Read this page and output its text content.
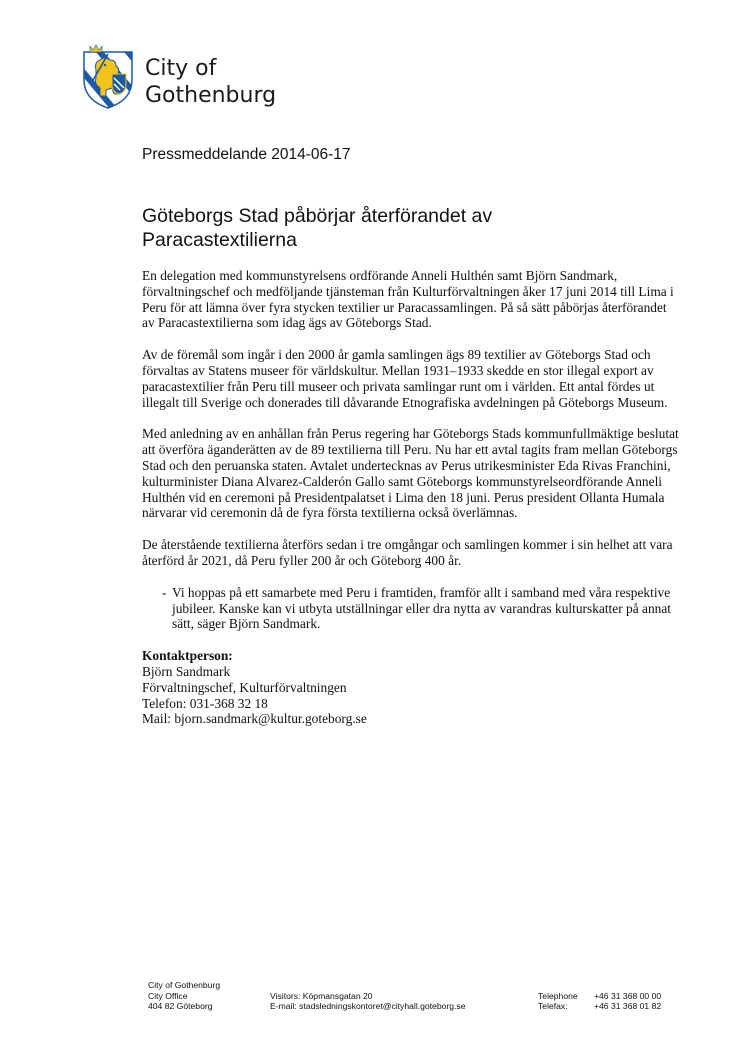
City of
Gothenburg
Pressmeddelande 2014-06-17
Göteborgs Stad påbörjar återförandet av Paracastextilierna

En delegation med kommunstyrelsens ordförande Anneli Hulthén samt Björn Sandmark, förvaltningschef och medföljande tjänsteman från Kulturförvaltningen åker 17 juni 2014 till Lima i Peru för att lämna över fyra stycken textilier ur Paracassamlingen. På så sätt påbörjas återförandet av Paracastextilierna som idag ägs av Göteborgs Stad.

Av de föremål som ingår i den 2000 år gamla samlingen ägs 89 textilier av Göteborgs Stad och förvaltas av Statens museer för världskultur. Mellan 1931–1933 skedde en stor illegal export av paracastextilier från Peru till museer och privata samlingar runt om i världen. Ett antal fördes ut illegalt till Sverige och donerades till dåvarande Etnografiska avdelningen på Göteborgs Museum.

Med anledning av en anhållan från Perus regering har Göteborgs Stads kommunfullmäktige beslutat att överföra äganderätten av de 89 textilierna till Peru. Nu har ett avtal tagits fram mellan Göteborgs Stad och den peruanska staten. Avtalet undertecknas av Perus utrikesminister Eda Rivas Franchini, kulturminister Diana Alvarez-Calderón Gallo samt Göteborgs kommunstyrelseordförande Anneli Hulthén vid en ceremoni på Presidentpalatset i Lima den 18 juni. Perus president Ollanta Humala närvarar vid ceremonin då de fyra första textilierna också överlämnas.

De återstående textilierna återförs sedan i tre omgångar och samlingen kommer i sin helhet att vara återförd år 2021, då Peru fyller 200 år och Göteborg 400 år.

- Vi hoppas på ett samarbete med Peru i framtiden, framför allt i samband med våra respektive jubileer. Kanske kan vi utbyta utställningar eller dra nytta av varandras kulturskatter på annat sätt, säger Björn Sandmark.

Kontaktperson:
Björn Sandmark
Förvaltningschef, Kulturförvaltningen
Telefon: 031-368 32 18
Mail: bjorn.sandmark@kultur.goteborg.se
City of Gothenburg
City Office
404 82 Göteborg
Visitors: Köpmansgatan 20
E-mail: stadsledningskontoret@cityhall.goteborg.se
Telephone +46 31 368 00 00
Telefax:	+46 31 368 01 82
